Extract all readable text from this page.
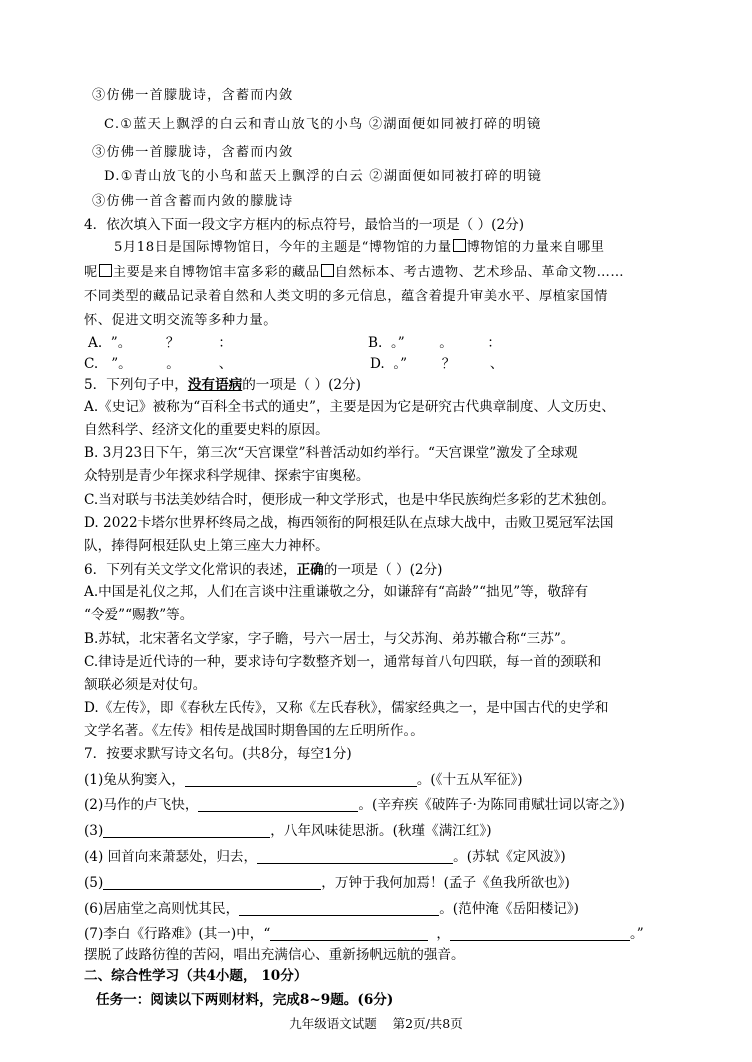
③仿佛一首朦胧诗，含蓄而内敛
C.①蓝天上飘浮的白云和青山放飞的小鸟 ②湖面便如同被打碎的明镜
③仿佛一首朦胧诗，含蓄而内敛
D.①青山放飞的小鸟和蓝天上飘浮的白云 ②湖面便如同被打碎的明镜
③仿佛一首含蓄而内敛的朦胧诗
4．依次填入下面一段文字方框内的标点符号，最恰当的一项是（ ）(2分)
5月18日是国际博物馆日，今年的主题是“博物馆的力量 博物馆的力量来自哪里
呢 主要是来自博物馆丰富多彩的藏品 自然标本、考古遗物、艺术珍品、革命文物……
不同类型的藏品记录着自然和人类文明的多元信息，蕴含着提升审美水平、厚植家国情
怀、促进文明交流等多种力量。
A.  ”。        ？         ：	B.  。”        。        ：
C.   ”。        。         、	D.  。”        ？        、
5．下列句子中，没有语病的一项是（ ）(2分)
A.《史记》被称为“百科全书式的通史”，主要是因为它是研究古代典章制度、人文历史、
自然科学、经济文化的重要史料的原因。
B. 3月23日下午，第三次“天宫课堂”科普活动如约举行。“天宫课堂”激发了全球观
众特别是青少年探求科学规律、探索宇宙奥秘。
C.当对联与书法美妙结合时，便形成一种文学形式，也是中华民族绚烂多彩的艺术独创。
D. 2022卡塔尔世界杯终局之战，梅西领衔的阿根廷队在点球大战中，击败卫冕冠军法国
队，捧得阿根廷队史上第三座大力神杯。
6．下列有关文学文化常识的表述，正确的一项是（ ）(2分)
A.中国是礼仪之邦，人们在言谈中注重谦敬之分，如谦辞有“高龄”“拙见”等，敬辞有
“令爱”“赐教”等。
B.苏轼，北宋著名文学家，字子瞻，号六一居士，与父苏洵、弟苏辙合称“三苏”。
C.律诗是近代诗的一种，要求诗句字数整齐划一，通常每首八句四联，每一首的颈联和
颔联必须是对仗句。
D.《左传》，即《春秋左氏传》，又称《左氏春秋》，儒家经典之一，是中国古代的史学和
文学名著。《左传》相传是战国时期鲁国的左丘明所作。。
7．按要求默写诗文名句。(共8分，每空1分)
(1)兔从狗窦入，	。(《十五从军征》)
(2)马作的卢飞快，	。(辛弃疾《破阵子·为陈同甫赋壮词以寄之》)
(3)	，八年风味徒思浙。(秋瑾《满江红》)
(4) 回首向来萧瑟处，归去，	。(苏轼《定风波》)
(5)	，万钟于我何加焉！(孟子《鱼我所欲也》)
(6)居庙堂之高则忧其民，	。(范仲淹《岳阳楼记》)
(7)李白《行路难》(其一)中，“	，	。”
摆脱了歧路彷徨的苦闷，唱出充满信心、重新扬帆远航的强音。
二、综合性学习（共4小题， 10分）
任务一：阅读以下两则材料，完成8~9题。(6分)
九年级语文试题    第2页/共8页
